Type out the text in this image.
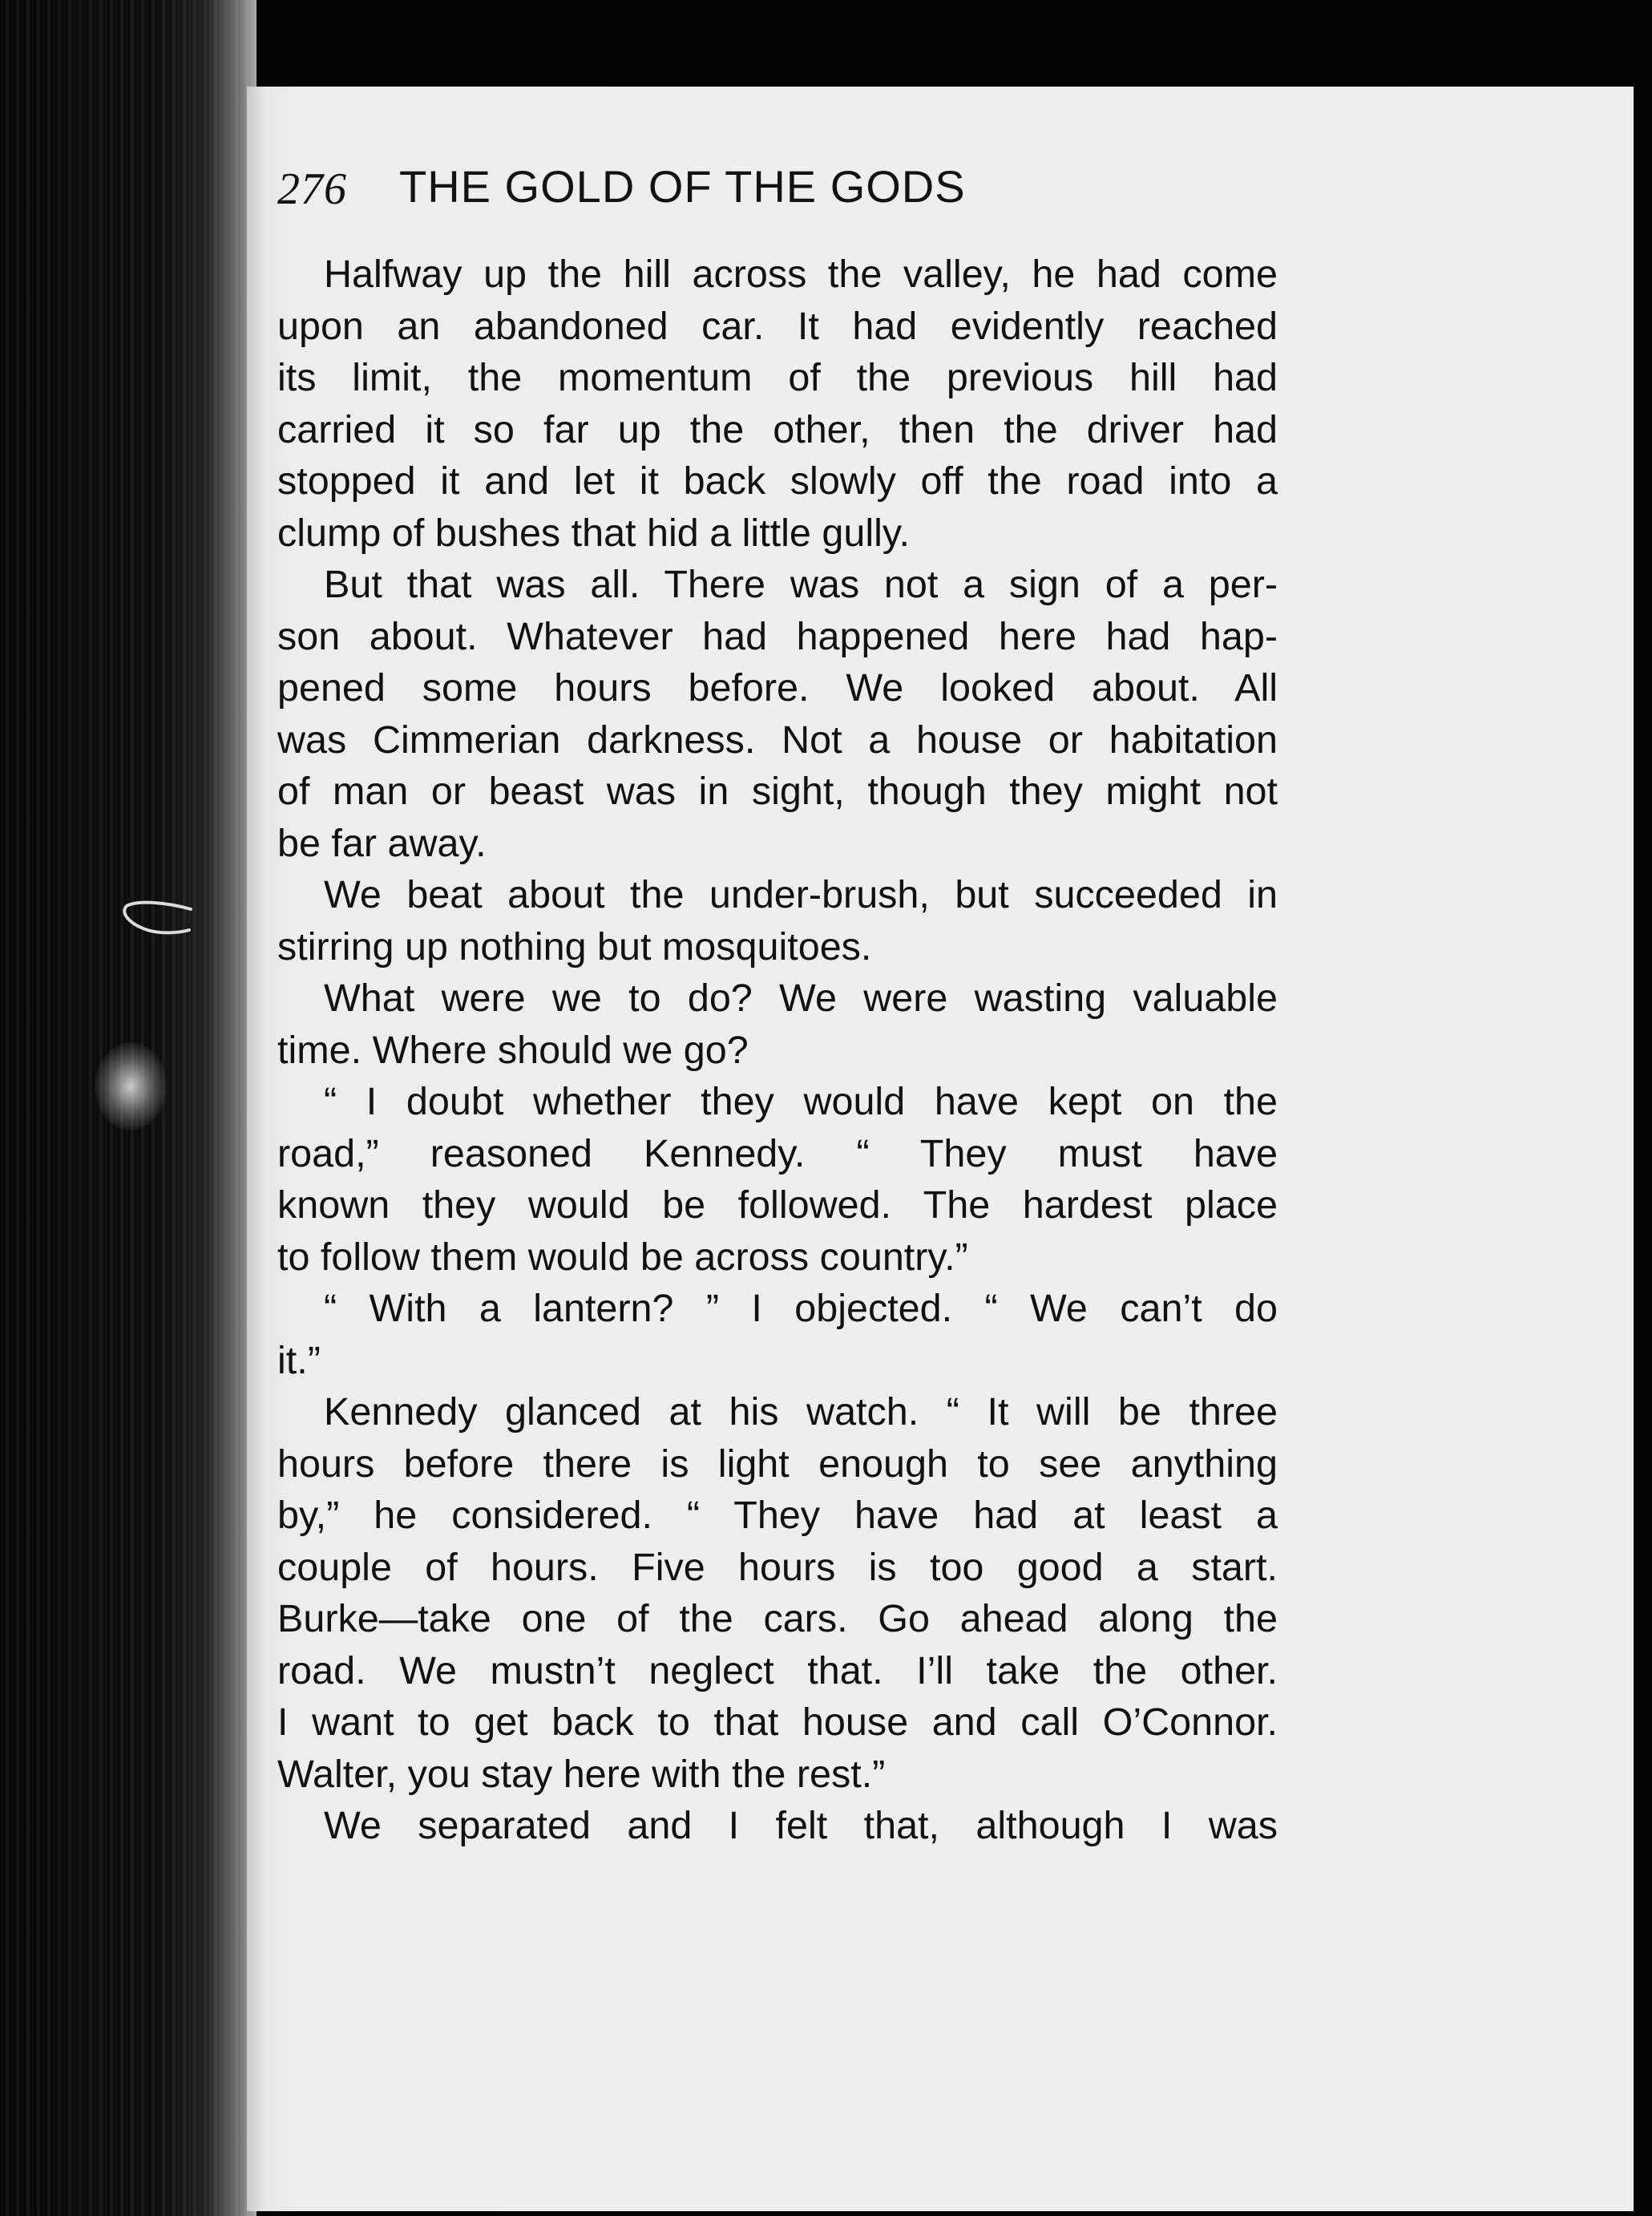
276 THE GOLD OF THE GODS
Halfway up the hill across the valley, he had come
upon an abandoned car. It had evidently reached
its limit, the momentum of the previous hill had
carried it so far up the other, then the driver had
stopped it and let it back slowly off the road into a
clump of bushes that hid a little gully.
But that was all. There was not a sign of a per-
son about. Whatever had happened here had hap-
pened some hours before. We looked about. All
was Cimmerian darkness. Not a house or habitation
of man or beast was in sight, though they might not
be far away.
We beat about the under-brush, but succeeded in
stirring up nothing but mosquitoes.
What were we to do? We were wasting valuable
time. Where should we go?
“ I doubt whether they would have kept on the
road,” reasoned Kennedy. “ They must have
known they would be followed. The hardest place
to follow them would be across country.”
“ With a lantern? ” I objected. “ We can’t do
it.”
Kennedy glanced at his watch. “ It will be three
hours before there is light enough to see anything
by,” he considered. “ They have had at least a
couple of hours. Five hours is too good a start.
Burke—take one of the cars. Go ahead along the
road. We mustn’t neglect that. I’ll take the other.
I want to get back to that house and call O’Connor.
Walter, you stay here with the rest.”
We separated and I felt that, although I was
